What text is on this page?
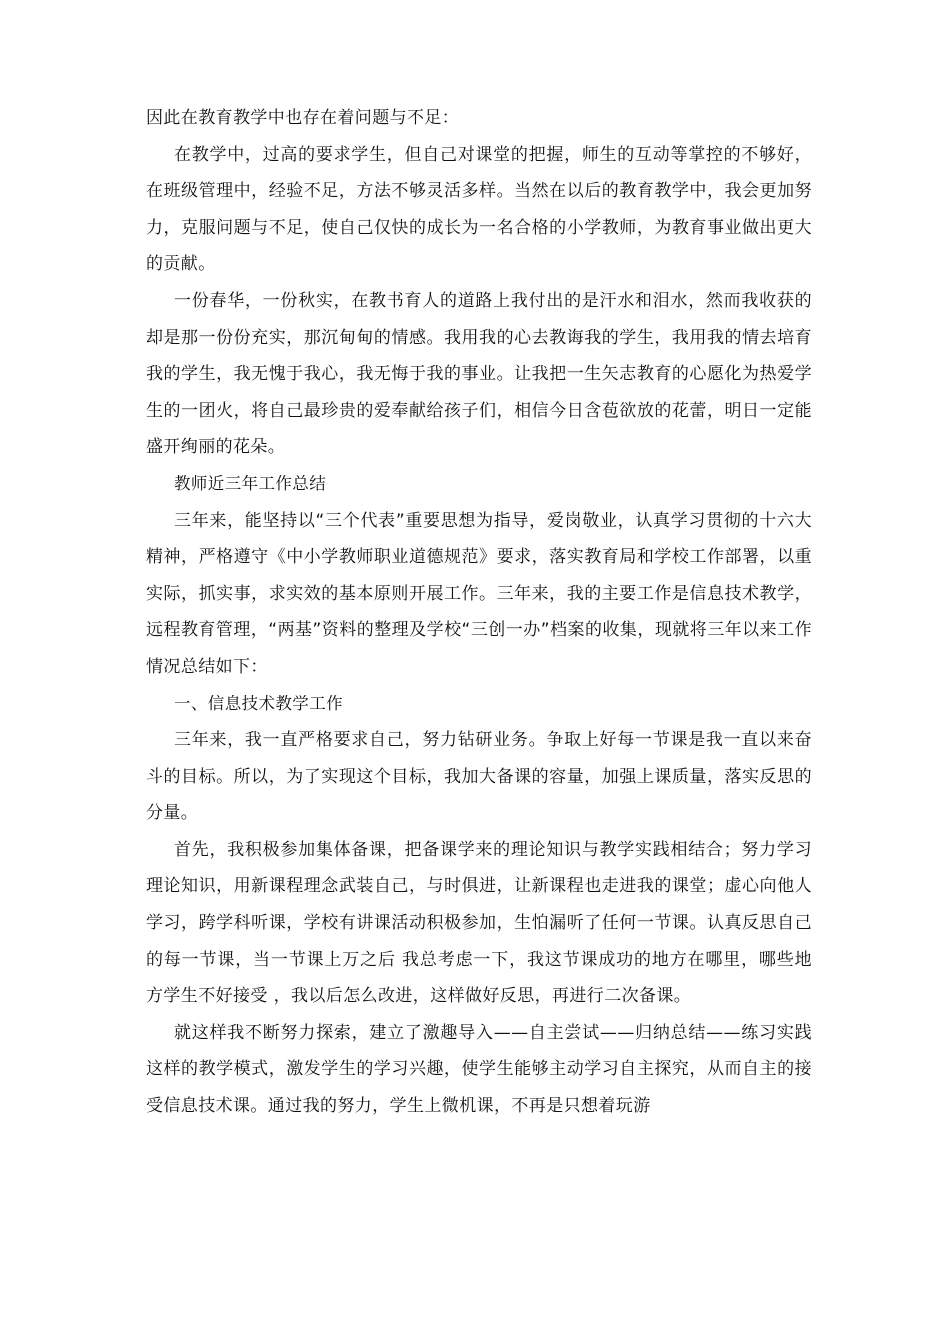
因此在教育教学中也存在着问题与不足：

在教学中，过高的要求学生，但自己对课堂的把握，师生的互动等掌控的不够好，在班级管理中，经验不足，方法不够灵活多样。当然在以后的教育教学中，我会更加努力，克服问题与不足，使自己仅快的成长为一名合格的小学教师，为教育事业做出更大的贡献。

一份春华，一份秋实，在教书育人的道路上我付出的是汗水和泪水，然而我收获的却是那一份份充实，那沉甸甸的情感。我用我的心去教诲我的学生，我用我的情去培育我的学生，我无愧于我心，我无悔于我的事业。让我把一生矢志教育的心愿化为热爱学生的一团火，将自己最珍贵的爱奉献给孩子们，相信今日含苞欲放的花蕾，明日一定能盛开绚丽的花朵。

教师近三年工作总结

三年来，能坚持以“三个代表”重要思想为指导，爱岗敬业，认真学习贯彻的十六大精神，严格遵守《中小学教师职业道德规范》要求，落实教育局和学校工作部署，以重实际，抓实事，求实效的基本原则开展工作。三年来，我的主要工作是信息技术教学，远程教育管理，“两基”资料的整理及学校“三创一办”档案的收集，现就将三年以来工作情况总结如下：

一、信息技术教学工作

三年来，我一直严格要求自己，努力钻研业务。争取上好每一节课是我一直以来奋斗的目标。所以，为了实现这个目标，我加大备课的容量，加强上课质量，落实反思的分量。

首先，我积极参加集体备课，把备课学来的理论知识与教学实践相结合；努力学习理论知识，用新课程理念武装自己，与时俱进，让新课程也走进我的课堂；虚心向他人学习，跨学科听课，学校有讲课活动积极参加，生怕漏听了任何一节课。认真反思自己的每一节课，当一节课上万之后 我总考虑一下，我这节课成功的地方在哪里，哪些地方学生不好接受 ，我以后怎么改进，这样做好反思，再进行二次备课。

就这样我不断努力探索，建立了激趣导入——自主尝试——归纳总结——练习实践这样的教学模式，激发学生的学习兴趣，使学生能够主动学习自主探究，从而自主的接受信息技术课。通过我的努力，学生上微机课，不再是只想着玩游
